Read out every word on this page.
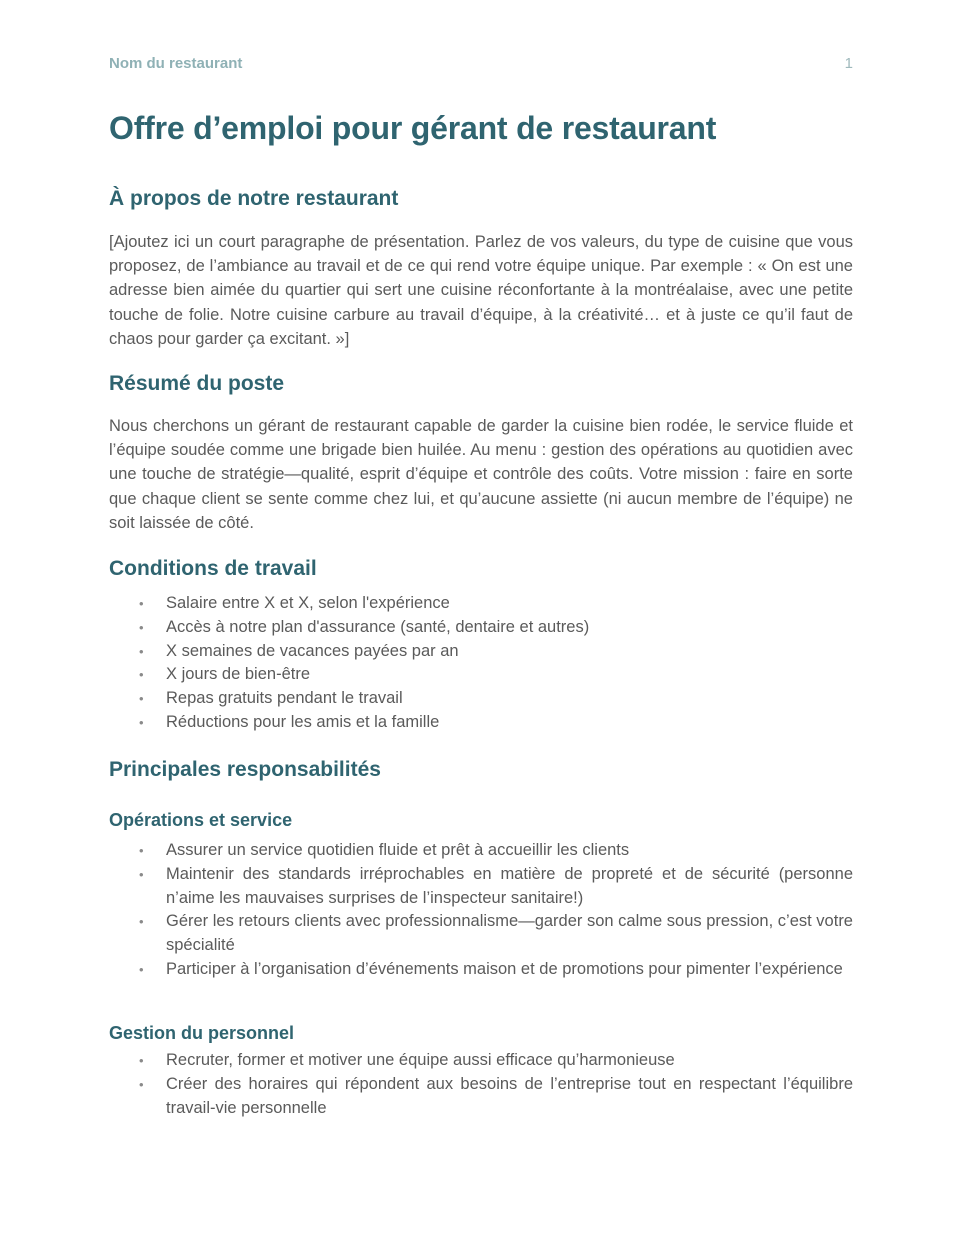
Nom du restaurant	1
Offre d’emploi pour gérant de restaurant
À propos de notre restaurant

[Ajoutez ici un court paragraphe de présentation. Parlez de vos valeurs, du type de cuisine que vous proposez, de l’ambiance au travail et de ce qui rend votre équipe unique. Par exemple : « On est une adresse bien aimée du quartier qui sert une cuisine réconfortante à la montréalaise, avec une petite touche de folie. Notre cuisine carbure au travail d’équipe, à la créativité… et à juste ce qu’il faut de chaos pour garder ça excitant. »]

Résumé du poste

Nous cherchons un gérant de restaurant capable de garder la cuisine bien rodée, le service fluide et l’équipe soudée comme une brigade bien huilée. Au menu : gestion des opérations au quotidien avec une touche de stratégie—qualité, esprit d’équipe et contrôle des coûts. Votre mission : faire en sorte que chaque client se sente comme chez lui, et qu’aucune assiette (ni aucun membre de l’équipe) ne soit laissée de côté.

Conditions de travail
• Salaire entre X et X, selon l'expérience
• Accès à notre plan d'assurance (santé, dentaire et autres)
• X semaines de vacances payées par an
• X jours de bien-être
• Repas gratuits pendant le travail
• Réductions pour les amis et la famille
Principales responsabilités
Opérations et service
• Assurer un service quotidien fluide et prêt à accueillir les clients
• Maintenir des standards irréprochables en matière de propreté et de sécurité (personne n’aime les mauvaises surprises de l’inspecteur sanitaire!)
• Gérer les retours clients avec professionnalisme—garder son calme sous pression, c’est votre spécialité
• Participer à l’organisation d’événements maison et de promotions pour pimenter l’expérience
Gestion du personnel
• Recruter, former et motiver une équipe aussi efficace qu’harmonieuse
• Créer des horaires qui répondent aux besoins de l’entreprise tout en respectant l’équilibre travail-vie personnelle
